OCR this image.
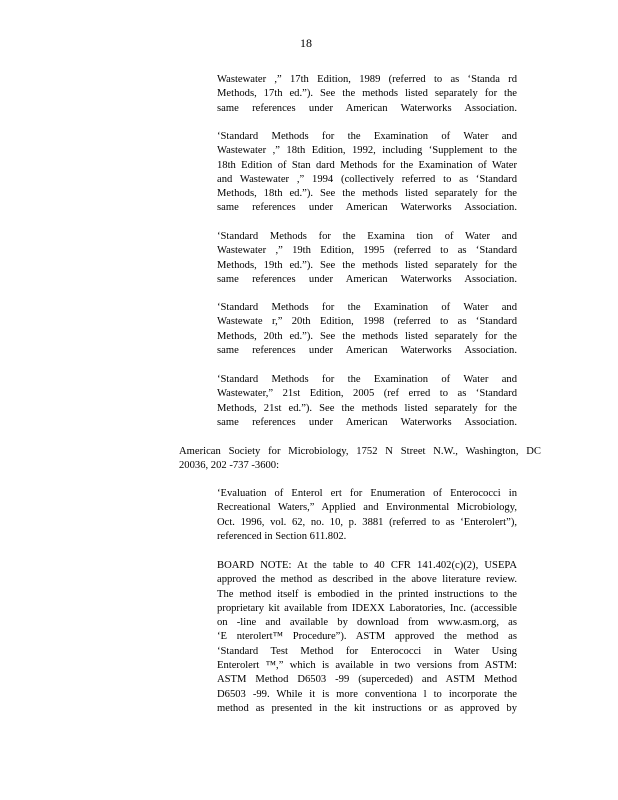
18
Wastewater ,” 17th Edition, 1989 (referred to as ‘Standa rd
Methods, 17th ed.”). See the methods listed separately for the
same references under American Waterworks Association.
‘Standard Methods for the Examination of Water and
Wastewater ,” 18th Edition, 1992, including ‘Supplement to the
18th Edition of Stan dard Methods for the Examination of Water
and Wastewater ,” 1994 (collectively referred to as ‘Standard
Methods, 18th ed.”). See the methods listed separately for the
same references under American Waterworks Association.
‘Standard Methods for the Examina tion of Water and
Wastewater ,” 19th Edition, 1995 (referred to as ‘Standard
Methods, 19th ed.”). See the methods listed separately for the
same references under American Waterworks Association.
‘Standard Methods for the Examination of Water and
Wastewate r,” 20th Edition, 1998 (referred to as ‘Standard
Methods, 20th ed.”). See the methods listed separately for the
same references under American Waterworks Association.
‘Standard Methods for the Examination of Water and
Wastewater,” 21st Edition, 2005 (ref erred to as ‘Standard
Methods, 21st ed.”). See the methods listed separately for the
same references under American Waterworks Association.
American Society for Microbiology, 1752 N Street N.W., Washington, DC
20036, 202 -737 -3600:
‘Evaluation of Enterol ert for Enumeration of Enterococci in
Recreational Waters,” Applied and Environmental Microbiology,
Oct. 1996, vol. 62, no. 10, p. 3881 (referred to as ‘Enterolert”),
referenced in Section 611.802.
BOARD NOTE: At the table to 40 CFR 141.402(c)(2), USEPA
approved the method as described in the above literature review.
The method itself is embodied in the printed instructions to the
proprietary kit available from IDEXX Laboratories, Inc. (accessible
on -line and available by download from www.asm.org, as
‘E nterolert™ Procedure”). ASTM approved the method as
‘Standard Test Method for Enterococci in Water Using
Enterolert ™,” which is available in two versions from ASTM:
ASTM Method D6503 -99 (superceded) and ASTM Method
D6503 -99. While it is more conventiona l to incorporate the
method as presented in the kit instructions or as approved by
